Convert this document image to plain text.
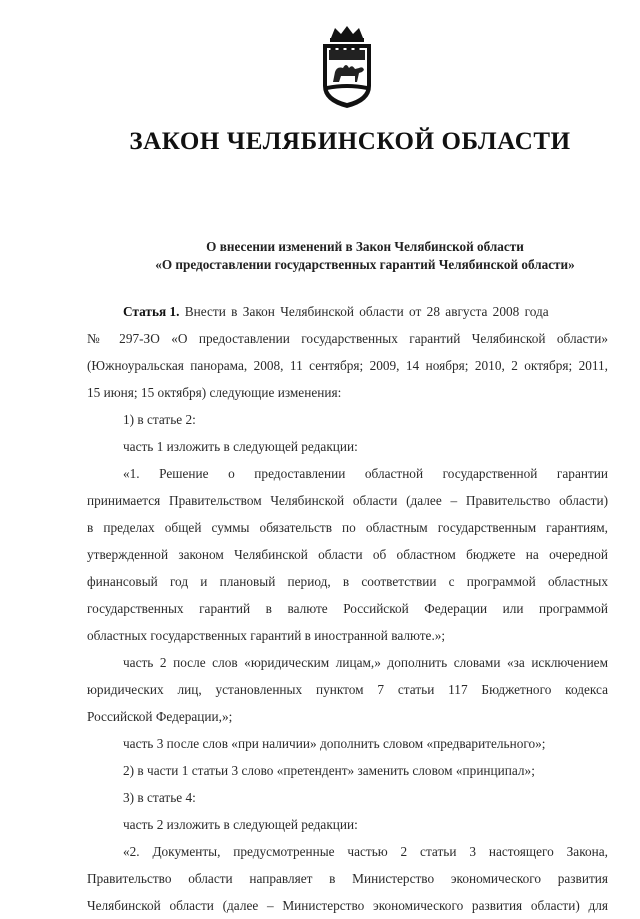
ЗАКОН ЧЕЛЯБИНСКОЙ ОБЛАСТИ
О внесении изменений в Закон Челябинской области
«О предоставлении государственных гарантий Челябинской области»
Статья 1. Внести в Закон Челябинской области от 28 августа 2008 года
№ 297-ЗО «О предоставлении государственных гарантий Челябинской области»
(Южноуральская панорама, 2008, 11 сентября; 2009, 14 ноября; 2010, 2 октября; 2011,
15 июня; 15 октября) следующие изменения:
1) в статье 2:
часть 1 изложить в следующей редакции:
«1. Решение о предоставлении областной государственной гарантии
принимается Правительством Челябинской области (далее – Правительство области)
в пределах общей суммы обязательств по областным государственным гарантиям,
утвержденной законом Челябинской области об областном бюджете на очередной
финансовый год и плановый период, в соответствии с программой областных
государственных гарантий в валюте Российской Федерации или программой
областных государственных гарантий в иностранной валюте.»;
часть 2 после слов «юридическим лицам,» дополнить словами «за исключением
юридических лиц, установленных пунктом 7 статьи 117 Бюджетного кодекса
Российской Федерации,»;
часть 3 после слов «при наличии» дополнить словом «предварительного»;
2) в части 1 статьи 3 слово «претендент» заменить словом «принципал»;
3) в статье 4:
часть 2 изложить в следующей редакции:
«2. Документы, предусмотренные частью 2 статьи 3 настоящего Закона,
Правительство области направляет в Министерство экономического развития
Челябинской области (далее – Министерство экономического развития области) для
